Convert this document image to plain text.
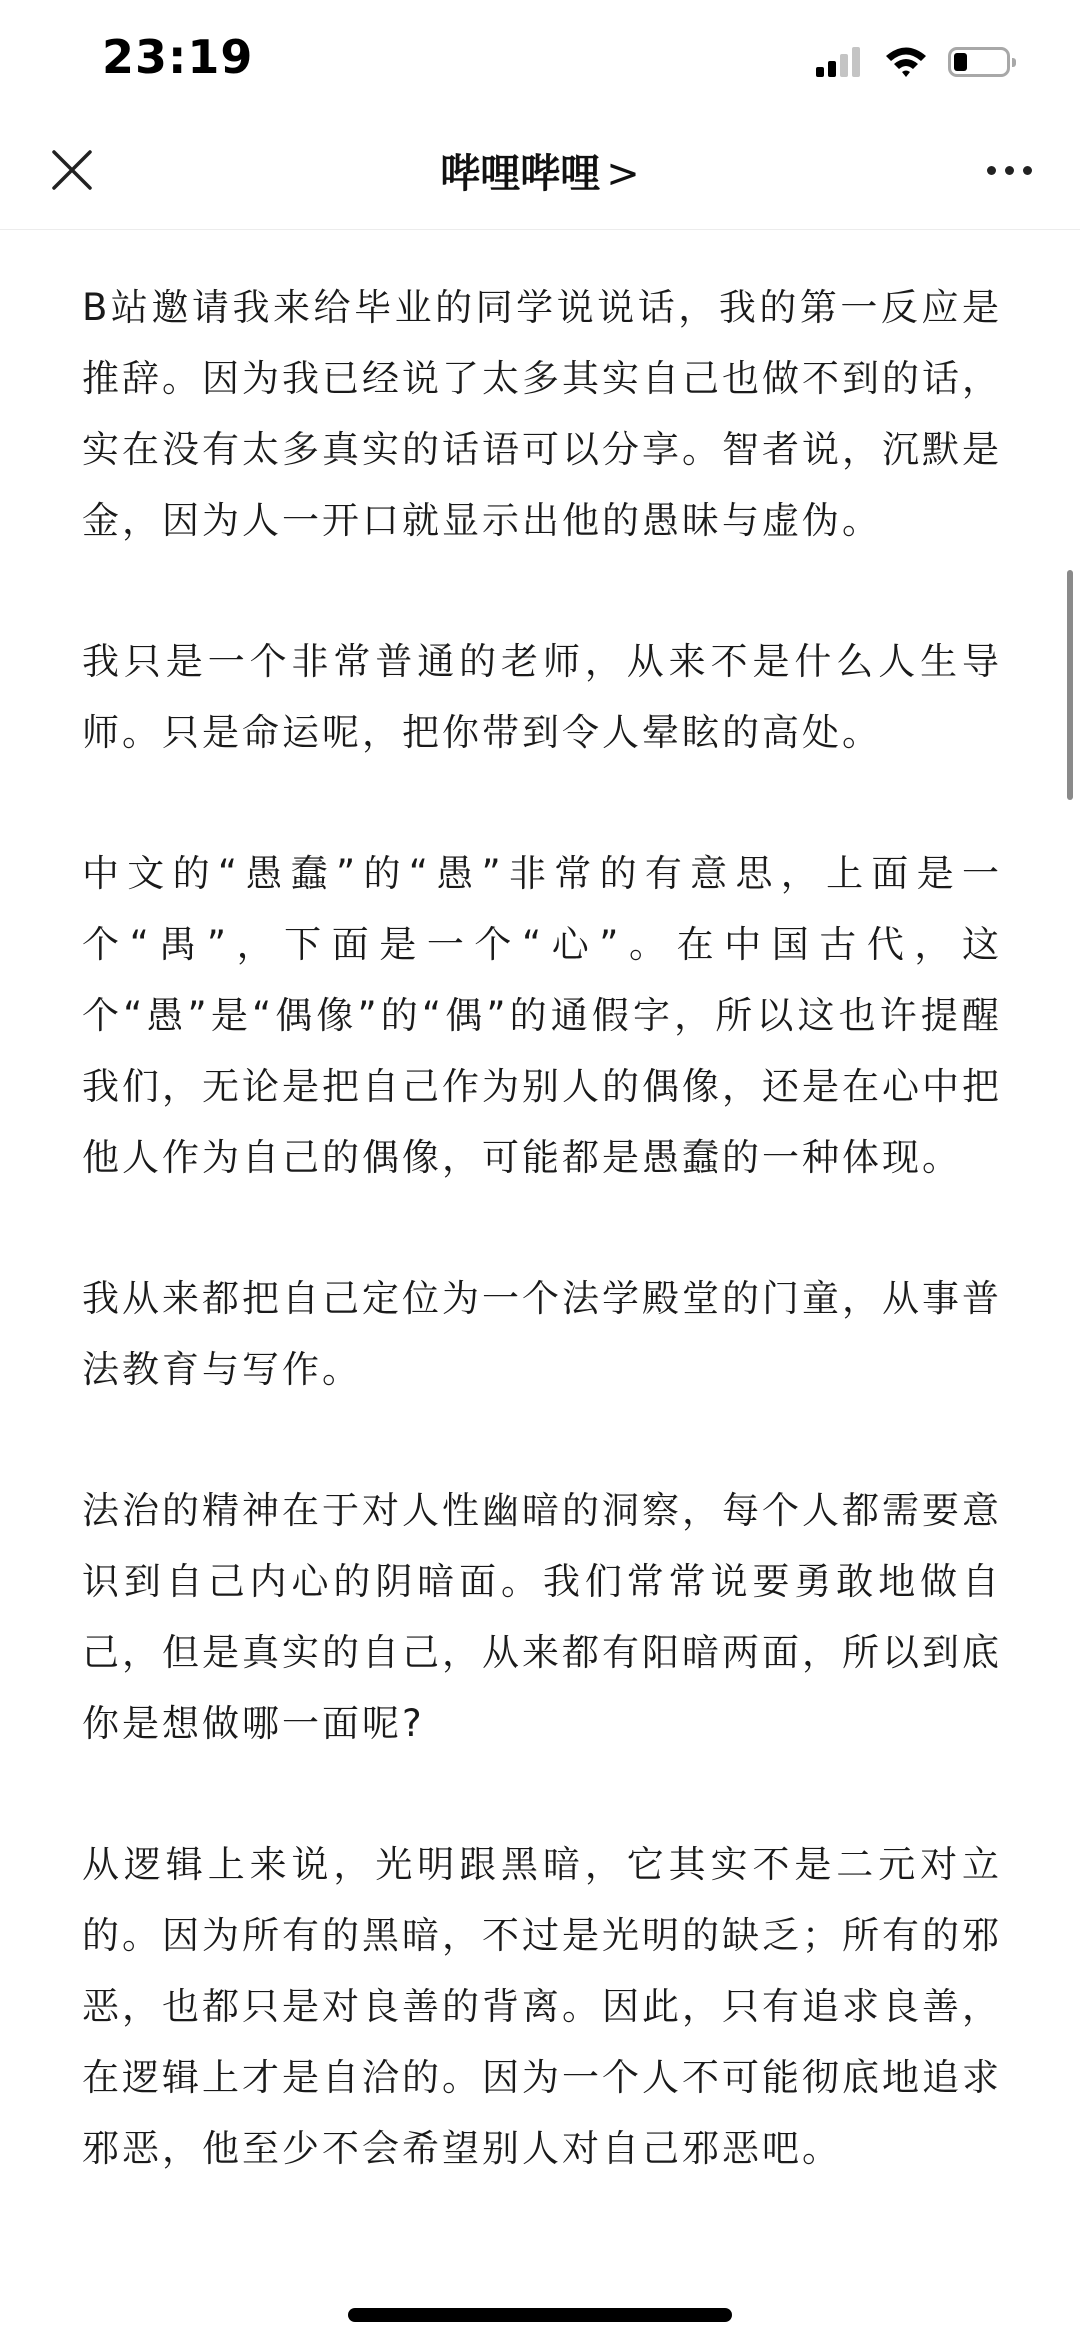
23:19
哔哩哔哩 >

B站邀请我来给毕业的同学说说话，我的第一反应是推辞。因为我已经说了太多其实自己也做不到的话，实在没有太多真实的话语可以分享。智者说，沉默是金，因为人一开口就显示出他的愚昧与虚伪。

我只是一个非常普通的老师，从来不是什么人生导师。只是命运呢，把你带到令人晕眩的高处。

中文的“愚蠢”的“愚”非常的有意思，上面是一个“禺”，下面是一个“心”。在中国古代，这个“愚”是“偶像”的“偶”的通假字，所以这也许提醒我们，无论是把自己作为别人的偶像，还是在心中把他人作为自己的偶像，可能都是愚蠢的一种体现。

我从来都把自己定位为一个法学殿堂的门童，从事普法教育与写作。

法治的精神在于对人性幽暗的洞察，每个人都需要意识到自己内心的阴暗面。我们常常说要勇敢地做自己，但是真实的自己，从来都有阳暗两面，所以到底你是想做哪一面呢?

从逻辑上来说，光明跟黑暗，它其实不是二元对立的。因为所有的黑暗，不过是光明的缺乏；所有的邪恶，也都只是对良善的背离。因此，只有追求良善，在逻辑上才是自洽的。因为一个人不可能彻底地追求邪恶，他至少不会希望别人对自己邪恶吧。
